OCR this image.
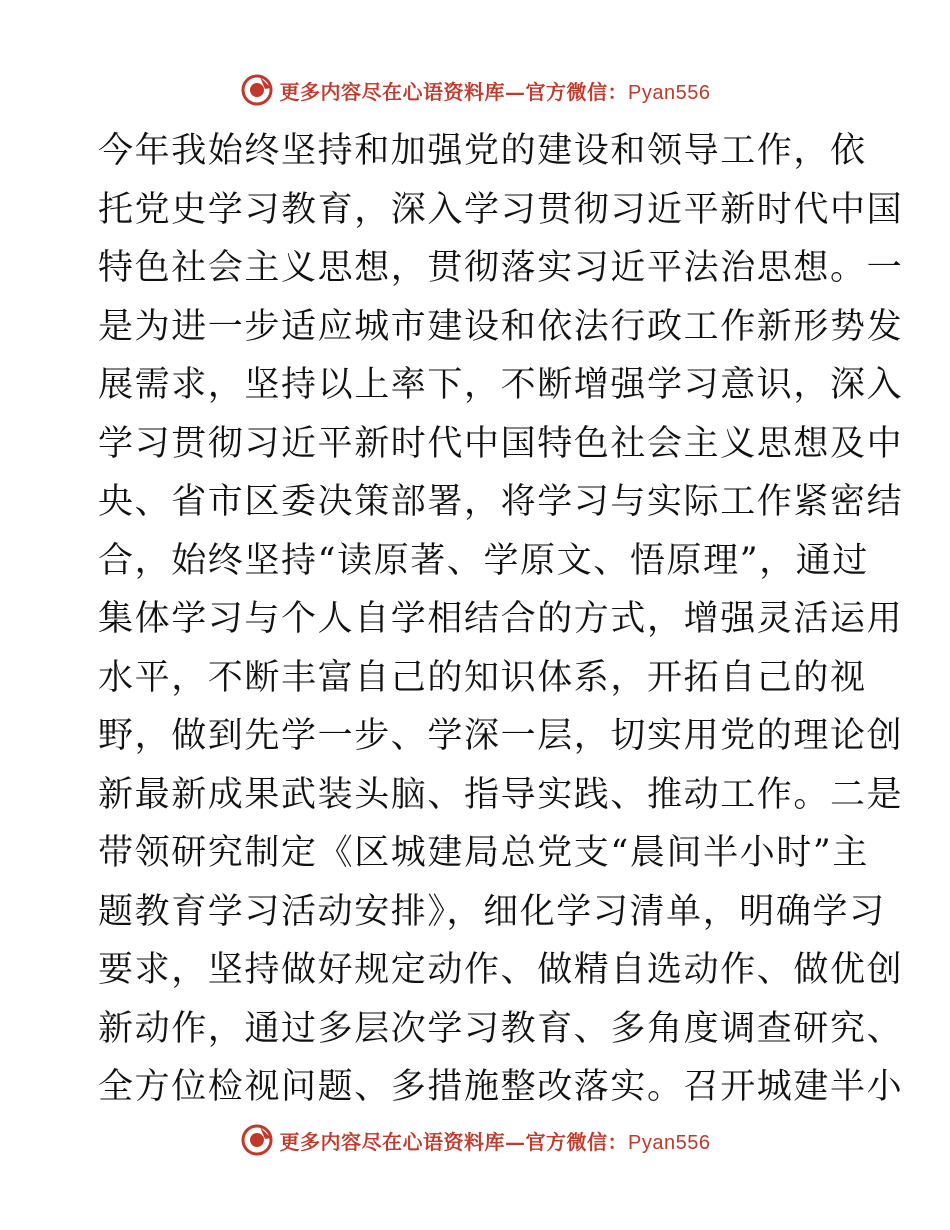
更多内容尽在心语资料库—官方微信：Pyan556
今年我始终坚持和加强党的建设和领导工作，依
托党史学习教育，深入学习贯彻习近平新时代中国
特色社会主义思想，贯彻落实习近平法治思想。一
是为进一步适应城市建设和依法行政工作新形势发
展需求，坚持以上率下，不断增强学习意识，深入
学习贯彻习近平新时代中国特色社会主义思想及中
央、省市区委决策部署，将学习与实际工作紧密结
合，始终坚持“读原著、学原文、悟原理”，通过
集体学习与个人自学相结合的方式，增强灵活运用
水平，不断丰富自己的知识体系，开拓自己的视
野，做到先学一步、学深一层，切实用党的理论创
新最新成果武装头脑、指导实践、推动工作。二是
带领研究制定《区城建局总党支“晨间半小时”主
题教育学习活动安排》，细化学习清单，明确学习
要求，坚持做好规定动作、做精自选动作、做优创
新动作，通过多层次学习教育、多角度调查研究、
全方位检视问题、多措施整改落实。召开城建半小
更多内容尽在心语资料库—官方微信：Pyan556
